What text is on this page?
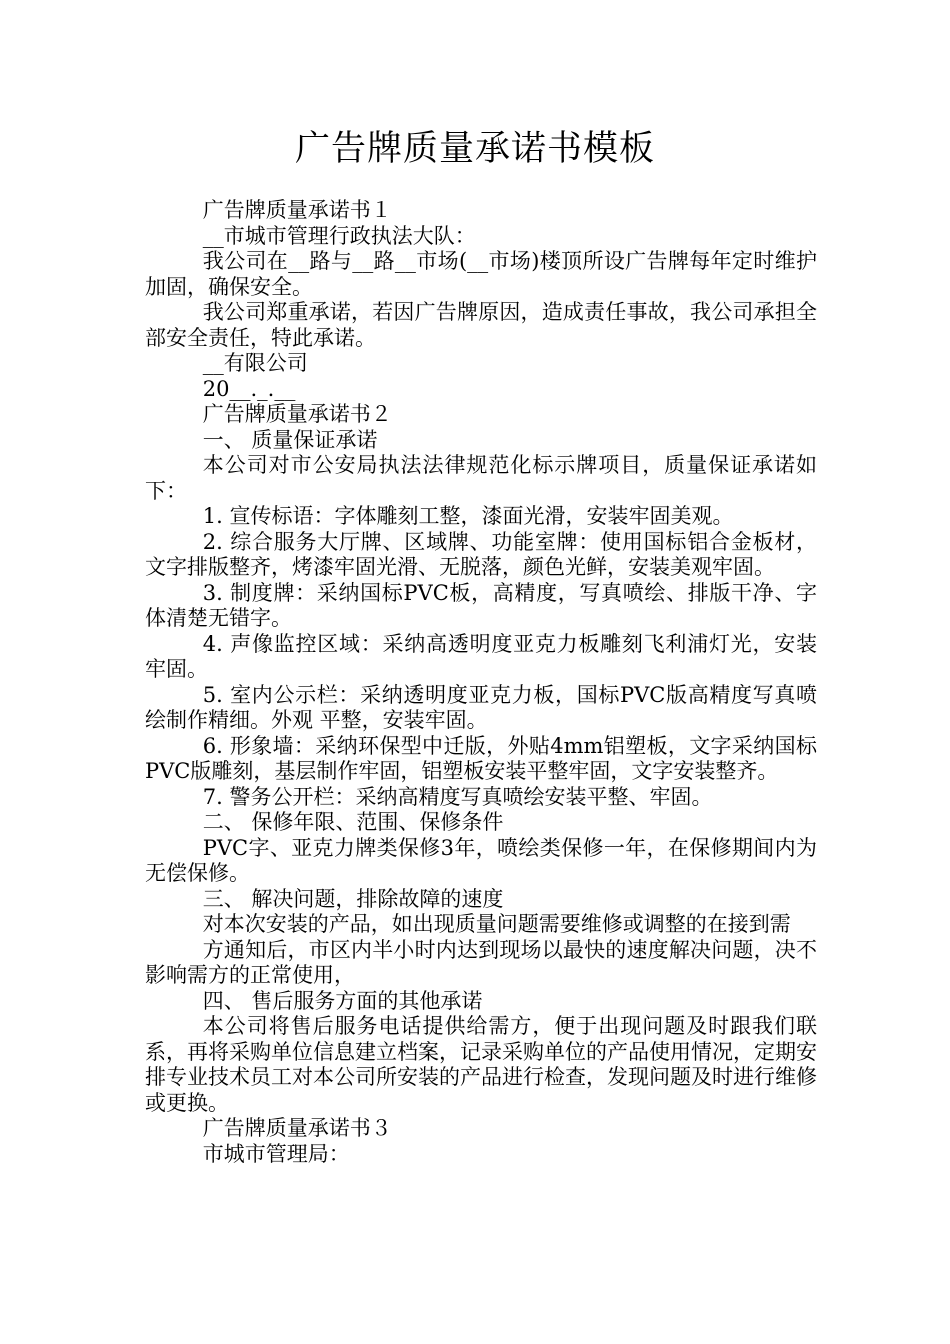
广告牌质量承诺书模板

广告牌质量承诺书１

__市城市管理行政执法大队：

我公司在__路与__路__市场(__市场)楼顶所设广告牌每年定时维护加固，确保安全。

我公司郑重承诺，若因广告牌原因，造成责任事故，我公司承担全部安全责任，特此承诺。

__有限公司

20__._.__

广告牌质量承诺书２

一、 质量保证承诺

本公司对市公安局执法法律规范化标示牌项目，质量保证承诺如下：

1. 宣传标语：字体雕刻工整，漆面光滑，安装牢固美观。

2. 综合服务大厅牌、区域牌、功能室牌：使用国标铝合金板材， 文字排版整齐，烤漆牢固光滑、无脱落，颜色光鲜，安装美观牢固。

3. 制度牌：采纳国标PVC板，高精度，写真喷绘、排版干净、字体清楚无错字。

4. 声像监控区域：采纳高透明度亚克力板雕刻飞利浦灯光，安装牢固。

5. 室内公示栏：采纳透明度亚克力板，国标PVC版高精度写真喷绘制作精细。外观 平整，安装牢固。

6. 形象墙：采纳环保型中迁版，外贴4mm铝塑板，文字采纳国标PVC版雕刻，基层制作牢固，铝塑板安装平整牢固，文字安装整齐。

7. 警务公开栏：采纳高精度写真喷绘安装平整、牢固。

二、 保修年限、范围、保修条件

PVC字、亚克力牌类保修3年，喷绘类保修一年，在保修期间内为无偿保修。

三、 解决问题，排除故障的速度

对本次安装的产品，如出现质量问题需要维修或调整的在接到需

方通知后，市区内半小时内达到现场以最快的速度解决问题，决不影响需方的正常使用，

四、 售后服务方面的其他承诺

本公司将售后服务电话提供给需方，便于出现问题及时跟我们联系，再将采购单位信息建立档案，记录采购单位的产品使用情况，定期安排专业技术员工对本公司所安装的产品进行检查，发现问题及时进行维修或更换。

广告牌质量承诺书３

市城市管理局：
